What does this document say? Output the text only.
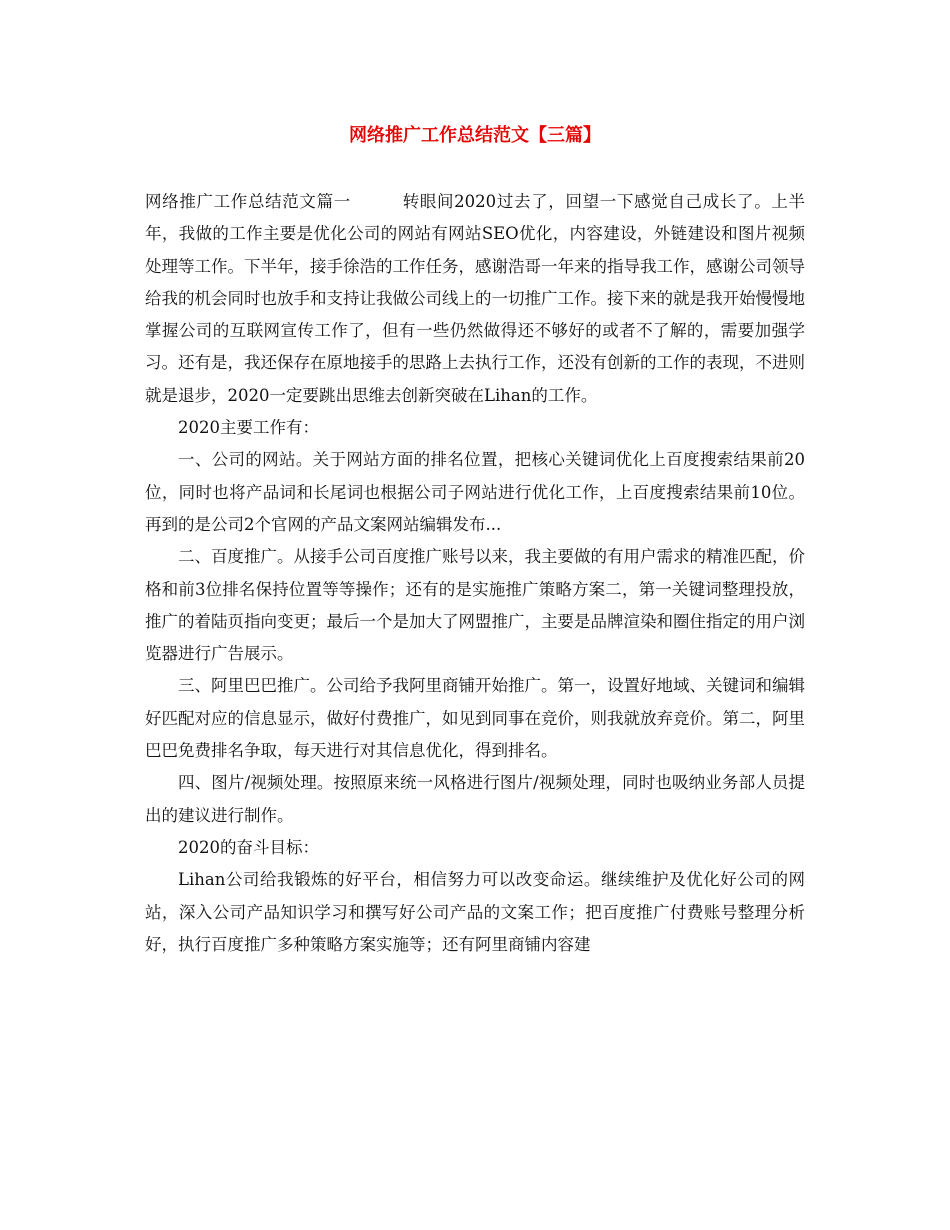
网络推广工作总结范文【三篇】

网络推广工作总结范文篇一	转眼间2020过去了，回望一下感觉自己成长了。上半年，我做的工作主要是优化公司的网站有网站SEO优化，内容建设，外链建设和图片视频处理等工作。下半年，接手徐浩的工作任务，感谢浩哥一年来的指导我工作，感谢公司领导给我的机会同时也放手和支持让我做公司线上的一切推广工作。接下来的就是我开始慢慢地掌握公司的互联网宣传工作了，但有一些仍然做得还不够好的或者不了解的，需要加强学习。还有是，我还保存在原地接手的思路上去执行工作，还没有创新的工作的表现，不进则就是退步，2020一定要跳出思维去创新突破在Lihan的工作。

2020主要工作有：

一、公司的网站。关于网站方面的排名位置，把核心关键词优化上百度搜索结果前20位，同时也将产品词和长尾词也根据公司子网站进行优化工作，上百度搜索结果前10位。再到的是公司2个官网的产品文案网站编辑发布...

二、百度推广。从接手公司百度推广账号以来，我主要做的有用户需求的精准匹配，价格和前3位排名保持位置等等操作；还有的是实施推广策略方案二，第一关键词整理投放，推广的着陆页指向变更；最后一个是加大了网盟推广，主要是品牌渲染和圈住指定的用户浏览器进行广告展示。

三、阿里巴巴推广。公司给予我阿里商铺开始推广。第一，设置好地域、关键词和编辑好匹配对应的信息显示，做好付费推广，如见到同事在竞价，则我就放弃竞价。第二，阿里巴巴免费排名争取，每天进行对其信息优化，得到排名。

四、图片/视频处理。按照原来统一风格进行图片/视频处理，同时也吸纳业务部人员提出的建议进行制作。

2020的奋斗目标：

Lihan公司给我锻炼的好平台，相信努力可以改变命运。继续维护及优化好公司的网站，深入公司产品知识学习和撰写好公司产品的文案工作；把百度推广付费账号整理分析好，执行百度推广多种策略方案实施等；还有阿里商铺内容建
